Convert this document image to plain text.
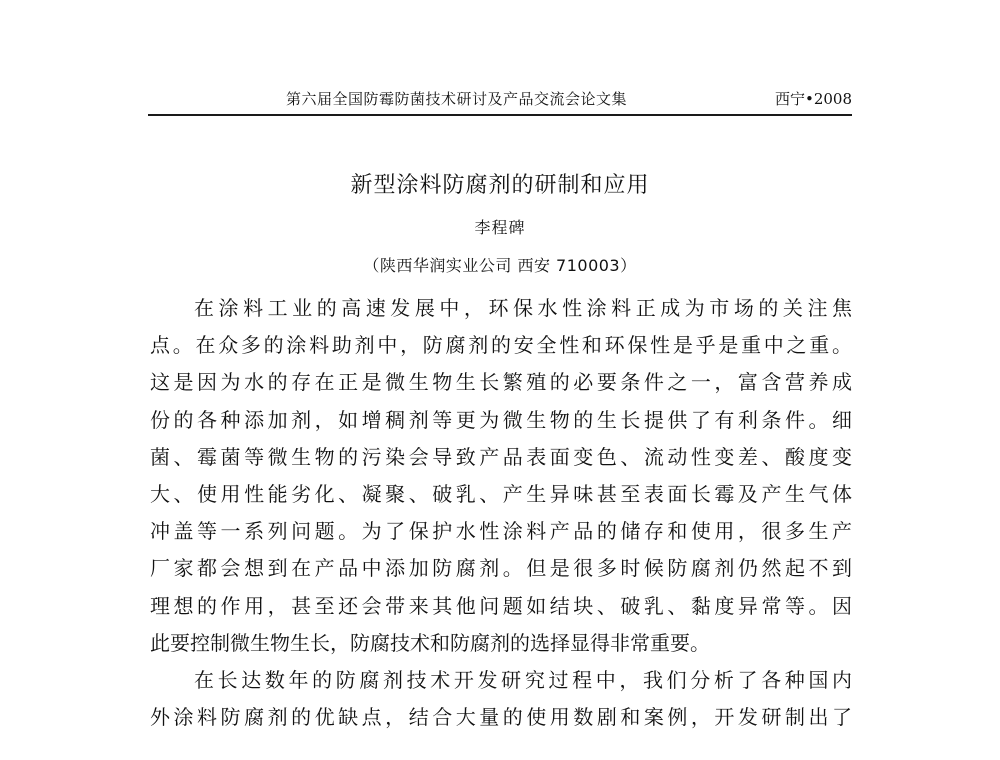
第六届全国防霉防菌技术研讨及产品交流会论文集	西宁•2008
新型涂料防腐剂的研制和应用
李程碑
（陕西华润实业公司 西安 710003）
在涂料工业的高速发展中，环保水性涂料正成为市场的关注焦
点。在众多的涂料助剂中，防腐剂的安全性和环保性是乎是重中之重。
这是因为水的存在正是微生物生长繁殖的必要条件之一，富含营养成
份的各种添加剂，如增稠剂等更为微生物的生长提供了有利条件。细
菌、霉菌等微生物的污染会导致产品表面变色、流动性变差、酸度变
大、使用性能劣化、凝聚、破乳、产生异味甚至表面长霉及产生气体
冲盖等一系列问题。为了保护水性涂料产品的储存和使用，很多生产
厂家都会想到在产品中添加防腐剂。但是很多时候防腐剂仍然起不到
理想的作用，甚至还会带来其他问题如结块、破乳、黏度异常等。因
此要控制微生物生长，防腐技术和防腐剂的选择显得非常重要。
在长达数年的防腐剂技术开发研究过程中，我们分析了各种国内
外涂料防腐剂的优缺点，结合大量的使用数剧和案例，开发研制出了
